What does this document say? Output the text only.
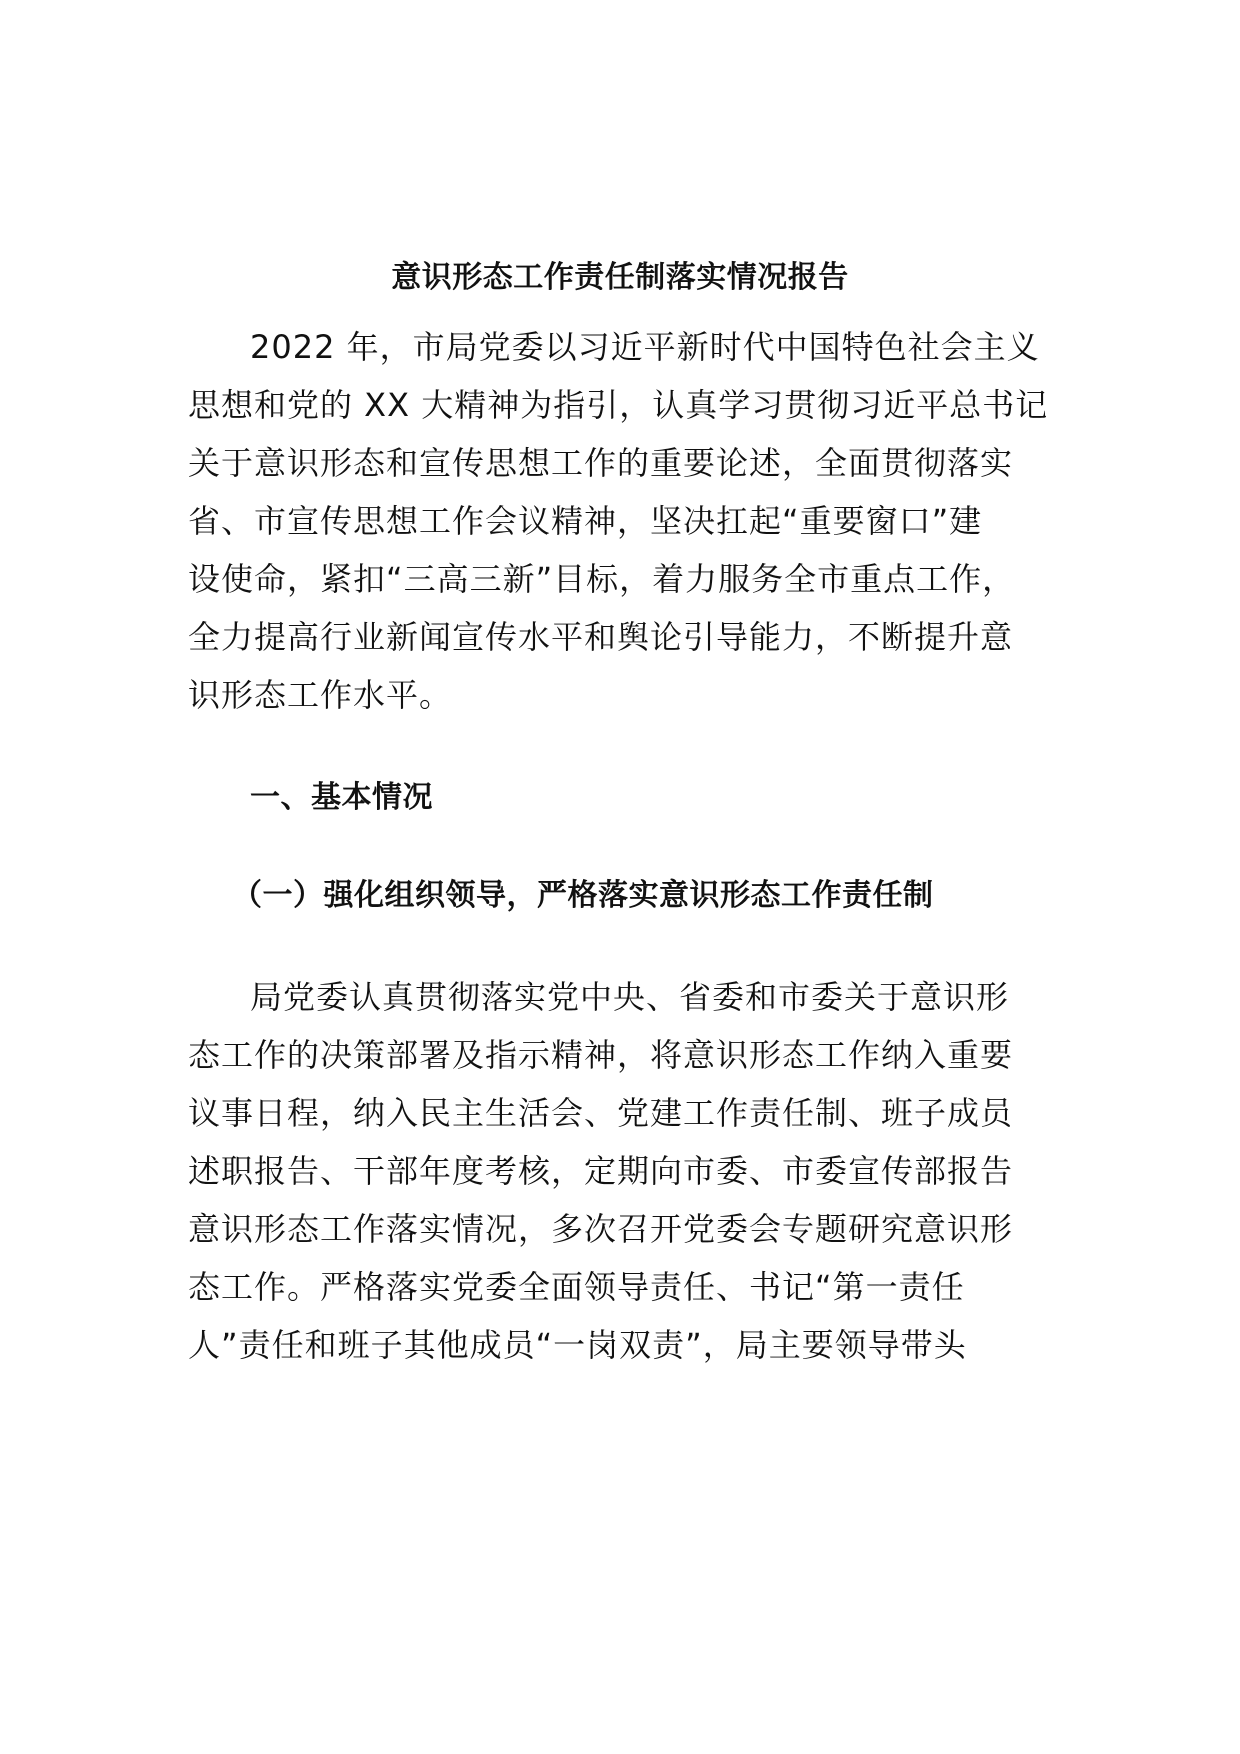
意识形态工作责任制落实情况报告
2022 年，市局党委以习近平新时代中国特色社会主义
思想和党的 XX 大精神为指引，认真学习贯彻习近平总书记
关于意识形态和宣传思想工作的重要论述，全面贯彻落实
省、市宣传思想工作会议精神，坚决扛起“重要窗口”建
设使命，紧扣“三高三新”目标，着力服务全市重点工作，
全力提高行业新闻宣传水平和舆论引导能力，不断提升意
识形态工作水平。
一、基本情况
（一）强化组织领导，严格落实意识形态工作责任制
局党委认真贯彻落实党中央、省委和市委关于意识形
态工作的决策部署及指示精神，将意识形态工作纳入重要
议事日程，纳入民主生活会、党建工作责任制、班子成员
述职报告、干部年度考核，定期向市委、市委宣传部报告
意识形态工作落实情况，多次召开党委会专题研究意识形
态工作。严格落实党委全面领导责任、书记“第一责任
人”责任和班子其他成员“一岗双责”，局主要领导带头
